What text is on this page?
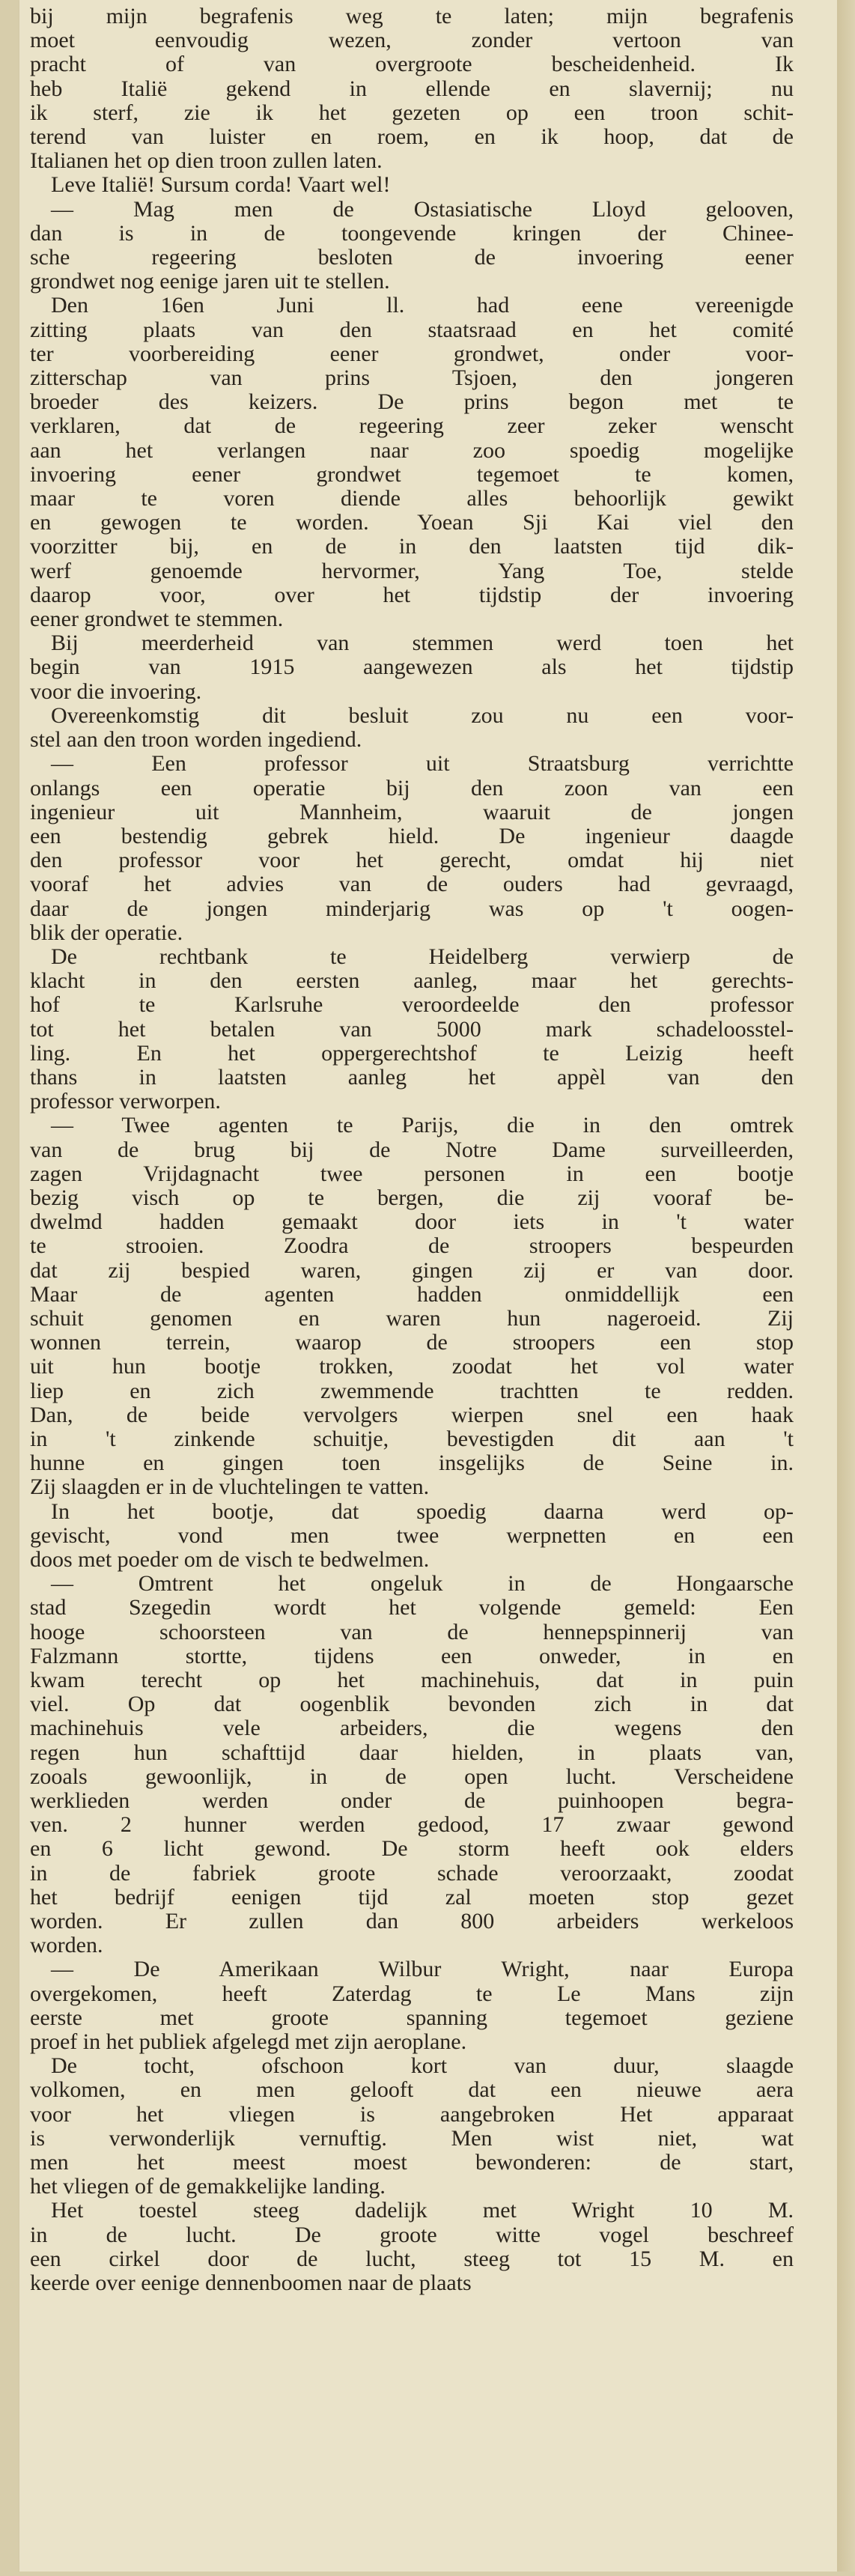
bij mijn begrafenis weg te laten; mijn begrafenis
moet eenvoudig wezen, zonder vertoon van
pracht of van overgroote bescheidenheid. Ik
heb Italië gekend in ellende en slavernij; nu
ik sterf, zie ik het gezeten op een troon schit-
terend van luister en roem, en ik hoop, dat de
Italianen het op dien troon zullen laten.
Leve Italië! Sursum corda! Vaart wel!
— Mag men de Ostasiatische Lloyd gelooven,
dan is in de toongevende kringen der Chinee-
sche regeering besloten de invoering eener
grondwet nog eenige jaren uit te stellen.
Den 16en Juni ll. had eene vereenigde
zitting plaats van den staatsraad en het comité
ter voorbereiding eener grondwet, onder voor-
zitterschap van prins Tsjoen, den jongeren
broeder des keizers. De prins begon met te
verklaren, dat de regeering zeer zeker wenscht
aan het verlangen naar zoo spoedig mogelijke
invoering eener grondwet tegemoet te komen,
maar te voren diende alles behoorlijk gewikt
en gewogen te worden. Yoean Sji Kai viel den
voorzitter bij, en de in den laatsten tijd dik-
werf genoemde hervormer, Yang Toe, stelde
daarop voor, over het tijdstip der invoering
eener grondwet te stemmen.
Bij meerderheid van stemmen werd toen het
begin van 1915 aangewezen als het tijdstip
voor die invoering.
Overeenkomstig dit besluit zou nu een voor-
stel aan den troon worden ingediend.
— Een professor uit Straatsburg verrichtte
onlangs een operatie bij den zoon van een
ingenieur uit Mannheim, waaruit de jongen
een bestendig gebrek hield. De ingenieur daagde
den professor voor het gerecht, omdat hij niet
vooraf het advies van de ouders had gevraagd,
daar de jongen minderjarig was op 't oogen-
blik der operatie.
De rechtbank te Heidelberg verwierp de
klacht in den eersten aanleg, maar het gerechts-
hof te Karlsruhe veroordeelde den professor
tot het betalen van 5000 mark schadeloosstel-
ling. En het oppergerechtshof te Leizig heeft
thans in laatsten aanleg het appèl van den
professor verworpen.
— Twee agenten te Parijs, die in den omtrek
van de brug bij de Notre Dame surveilleerden,
zagen Vrijdagnacht twee personen in een bootje
bezig visch op te bergen, die zij vooraf be-
dwelmd hadden gemaakt door iets in 't water
te strooien. Zoodra de stroopers bespeurden
dat zij bespied waren, gingen zij er van door.
Maar de agenten hadden onmiddellijk een
schuit genomen en waren hun nageroeid. Zij
wonnen terrein, waarop de stroopers een stop
uit hun bootje trokken, zoodat het vol water
liep en zich zwemmende trachtten te redden.
Dan, de beide vervolgers wierpen snel een haak
in 't zinkende schuitje, bevestigden dit aan 't
hunne en gingen toen insgelijks de Seine in.
Zij slaagden er in de vluchtelingen te vatten.
In het bootje, dat spoedig daarna werd op-
gevischt, vond men twee werpnetten en een
doos met poeder om de visch te bedwelmen.
— Omtrent het ongeluk in de Hongaarsche
stad Szegedin wordt het volgende gemeld: Een
hooge schoorsteen van de hennepspinnerij van
Falzmann stortte, tijdens een onweder, in en
kwam terecht op het machinehuis, dat in puin
viel. Op dat oogenblik bevonden zich in dat
machinehuis vele arbeiders, die wegens den
regen hun schafttijd daar hielden, in plaats van,
zooals gewoonlijk, in de open lucht. Verscheidene
werklieden werden onder de puinhoopen begra-
ven. 2 hunner werden gedood, 17 zwaar gewond
en 6 licht gewond. De storm heeft ook elders
in de fabriek groote schade veroorzaakt, zoodat
het bedrijf eenigen tijd zal moeten stop gezet
worden. Er zullen dan 800 arbeiders werkeloos
worden.
— De Amerikaan Wilbur Wright, naar Europa
overgekomen, heeft Zaterdag te Le Mans zijn
eerste met groote spanning tegemoet geziene
proef in het publiek afgelegd met zijn aeroplane.
De tocht, ofschoon kort van duur, slaagde
volkomen, en men gelooft dat een nieuwe aera
voor het vliegen is aangebroken Het apparaat
is verwonderlijk vernuftig. Men wist niet, wat
men het meest moest bewonderen: de start,
het vliegen of de gemakkelijke landing.
Het toestel steeg dadelijk met Wright 10 M.
in de lucht. De groote witte vogel beschreef
een cirkel door de lucht, steeg tot 15 M. en
keerde over eenige dennenboomen naar de plaats
